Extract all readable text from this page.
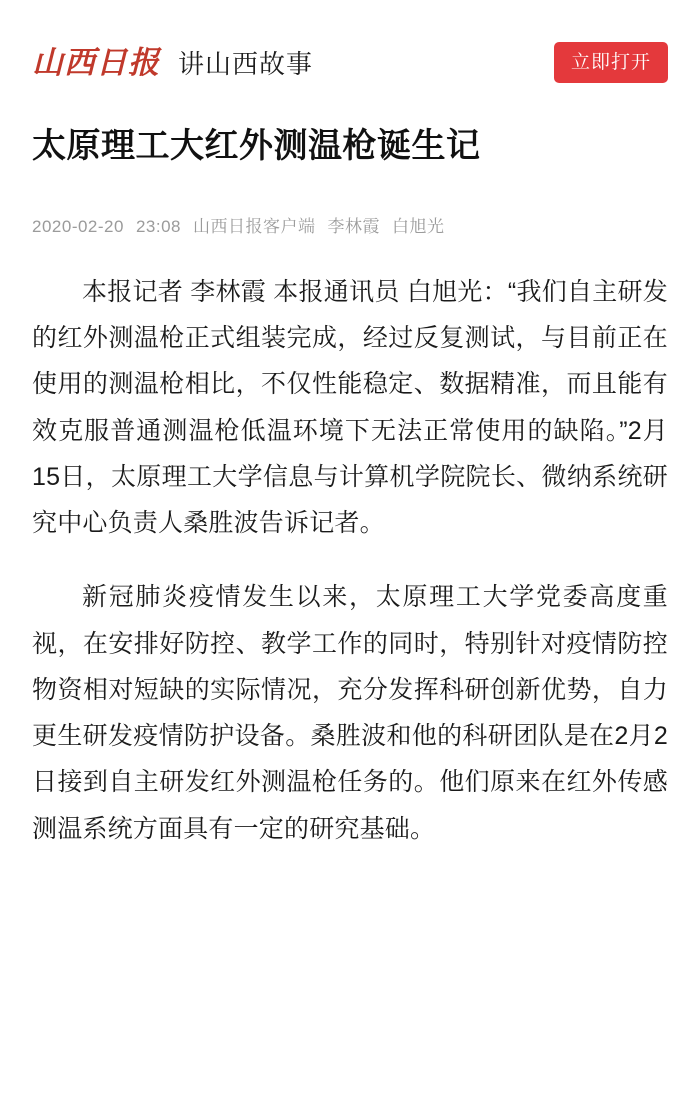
山西日报 讲山西故事	立即打开
太原理工大红外测温枪诞生记
2020-02-20 23:08 山西日报客户端 李林霞 白旭光

本报记者 李林霞 本报通讯员 白旭光：“我们自主研发的红外测温枪正式组装完成，经过反复测试，与目前正在使用的测温枪相比，不仅性能稳定、数据精准，而且能有效克服普通测温枪低温环境下无法正常使用的缺陷。”2月15日，太原理工大学信息与计算机学院院长、微纳系统研究中心负责人桑胜波告诉记者。

新冠肺炎疫情发生以来，太原理工大学党委高度重视，在安排好防控、教学工作的同时，特别针对疫情防控物资相对短缺的实际情况，充分发挥科研创新优势，自力更生研发疫情防护设备。桑胜波和他的科研团队是在2月2日接到自主研发红外测温枪任务的。他们原来在红外传感测温系统方面具有一定的研究基础。
